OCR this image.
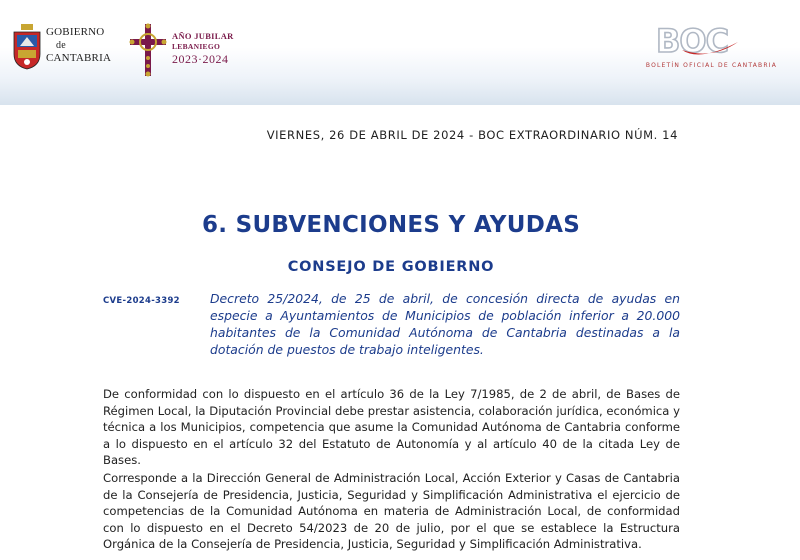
GOBIERNO
de
CANTABRIA
AÑO JUBILAR
LEBANIEGO
2023·2024	BOC
BOLETÍN OFICIAL DE CANTABRIA
VIERNES, 26 DE ABRIL DE 2024 - BOC EXTRAORDINARIO NÚM. 14
6. SUBVENCIONES Y AYUDAS
CONSEJO DE GOBIERNO
CVE-2024-3392 Decreto 25/2024, de 25 de abril, de concesión directa de ayudas en especie a Ayuntamientos de Municipios de población inferior a 20.000 habitantes de la Comunidad Autónoma de Cantabria destinadas a la dotación de puestos de trabajo inteligentes.

De conformidad con lo dispuesto en el artículo 36 de la Ley 7/1985, de 2 de abril, de Bases de Régimen Local, la Diputación Provincial debe prestar asistencia, colaboración jurídica, económica y técnica a los Municipios, competencia que asume la Comunidad Autónoma de Cantabria conforme a lo dispuesto en el artículo 32 del Estatuto de Autonomía y al artículo 40 de la citada Ley de Bases.

Corresponde a la Dirección General de Administración Local, Acción Exterior y Casas de Cantabria de la Consejería de Presidencia, Justicia, Seguridad y Simplificación Administrativa el ejercicio de competencias de la Comunidad Autónoma en materia de Administración Local, de conformidad con lo dispuesto en el Decreto 54/2023 de 20 de julio, por el que se establece la Estructura Orgánica de la Consejería de Presidencia, Justicia, Seguridad y Simplificación Administrativa.
